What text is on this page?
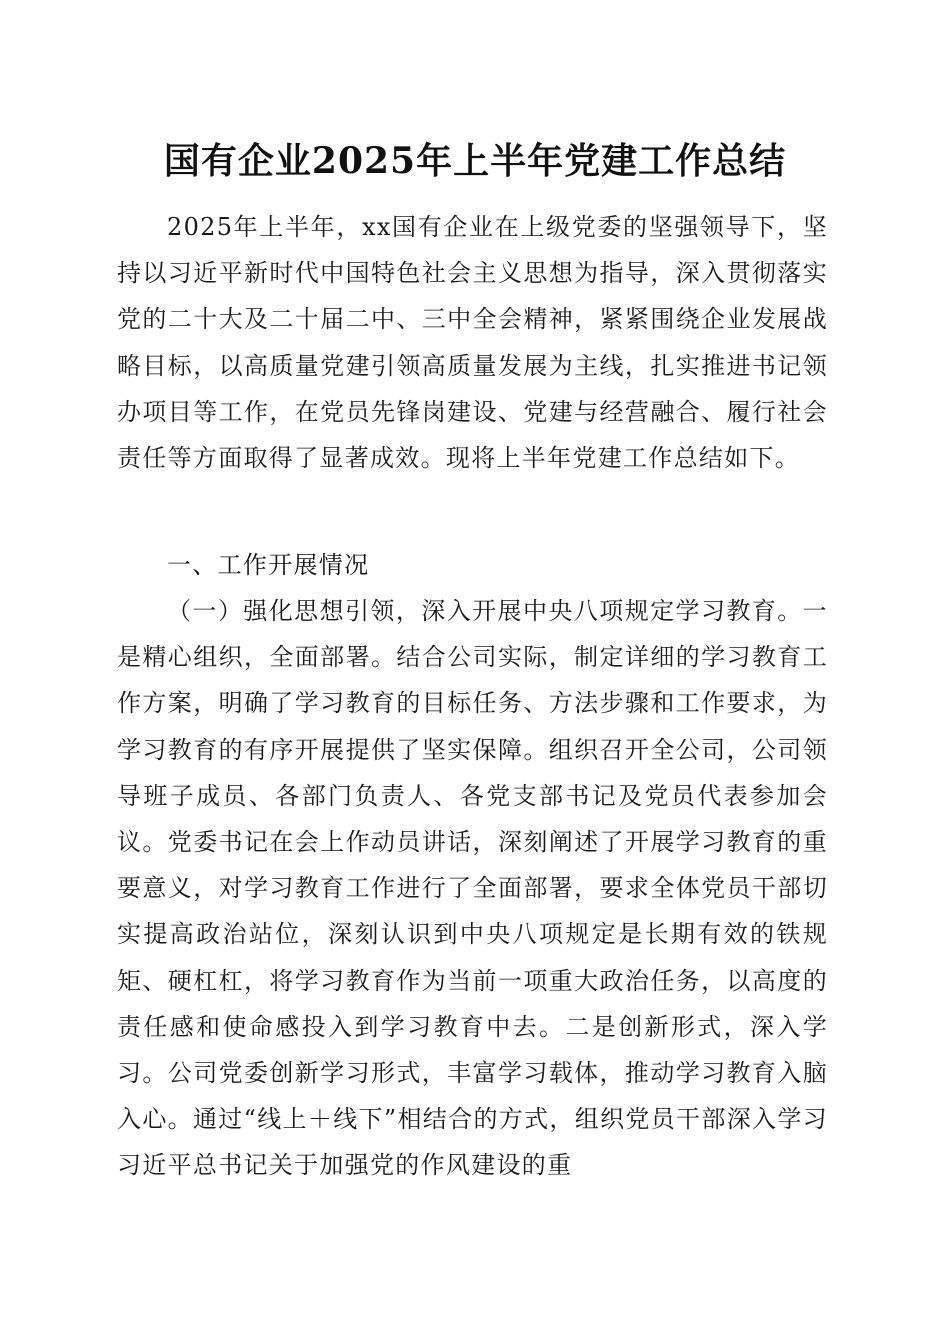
国有企业2025年上半年党建工作总结

2025年上半年，xx国有企业在上级党委的坚强领导下，坚持以习近平新时代中国特色社会主义思想为指导，深入贯彻落实党的二十大及二十届二中、三中全会精神，紧紧围绕企业发展战略目标，以高质量党建引领高质量发展为主线，扎实推进书记领办项目等工作，在党员先锋岗建设、党建与经营融合、履行社会责任等方面取得了显著成效。现将上半年党建工作总结如下。

一、工作开展情况

（一）强化思想引领，深入开展中央八项规定学习教育。一是精心组织，全面部署。结合公司实际，制定详细的学习教育工作方案，明确了学习教育的目标任务、方法步骤和工作要求，为学习教育的有序开展提供了坚实保障。组织召开全公司，公司领导班子成员、各部门负责人、各党支部书记及党员代表参加会议。党委书记在会上作动员讲话，深刻阐述了开展学习教育的重要意义，对学习教育工作进行了全面部署，要求全体党员干部切实提高政治站位，深刻认识到中央八项规定是长期有效的铁规矩、硬杠杠，将学习教育作为当前一项重大政治任务，以高度的责任感和使命感投入到学习教育中去。二是创新形式，深入学习。公司党委创新学习形式，丰富学习载体，推动学习教育入脑入心。通过“线上＋线下”相结合的方式，组织党员干部深入学习习近平总书记关于加强党的作风建设的重
